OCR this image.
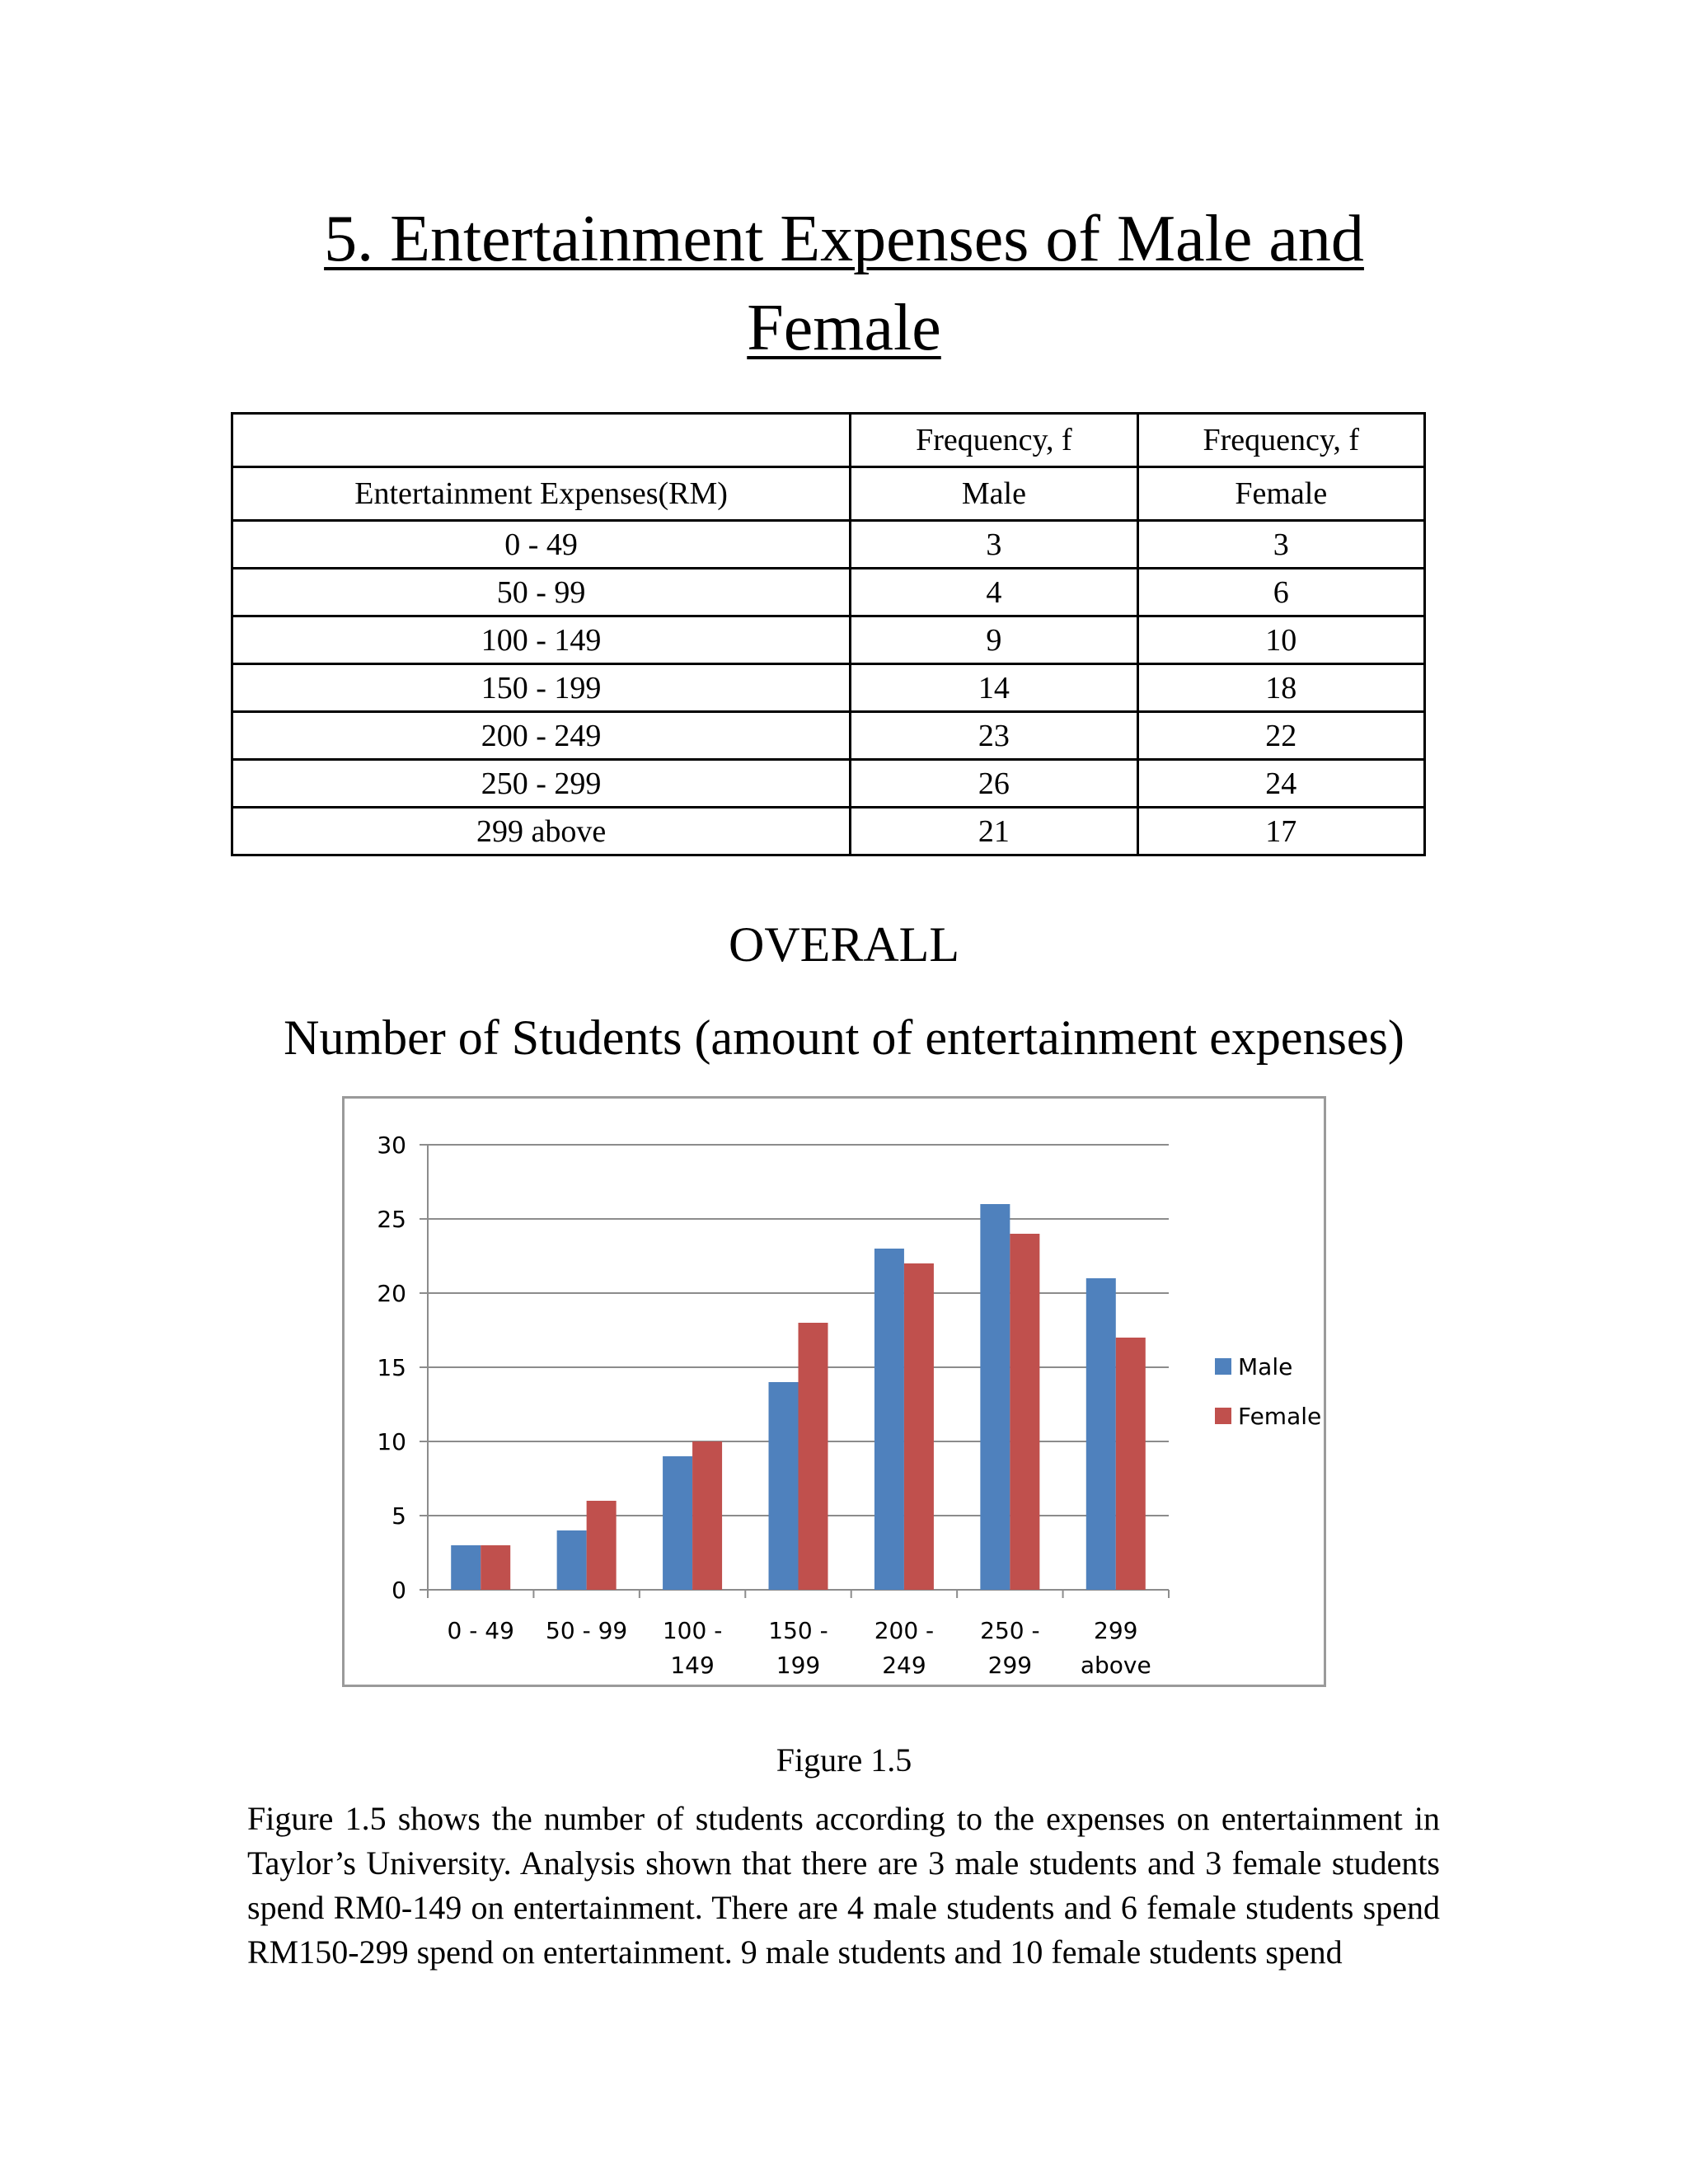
5. Entertainment Expenses of Male and
Female
	Frequency, f	Frequency, f
Entertainment Expenses(RM)	Male	Female
0 - 49	3	3
50 - 99	4	6
100 - 149	9	10
150 - 199	14	18
200 - 249	23	22
250 - 299	26	24
299 above	21	17
OVERALL
Number of Students (amount of entertainment expenses)
0
5
10
15
20
25
30
0 - 49 50 - 99 100 -
149
150 -
199
200 -
249
250 -
299
299
above
Male
Female
Figure 1.5
Figure 1.5 shows the number of students according to the expenses on entertainment in Taylor’s University. Analysis shown that there are 3 male students and 3 female students spend RM0-149 on entertainment. There are 4 male students and 6 female students spend RM150-299 spend on entertainment. 9 male students and 10 female students spend
